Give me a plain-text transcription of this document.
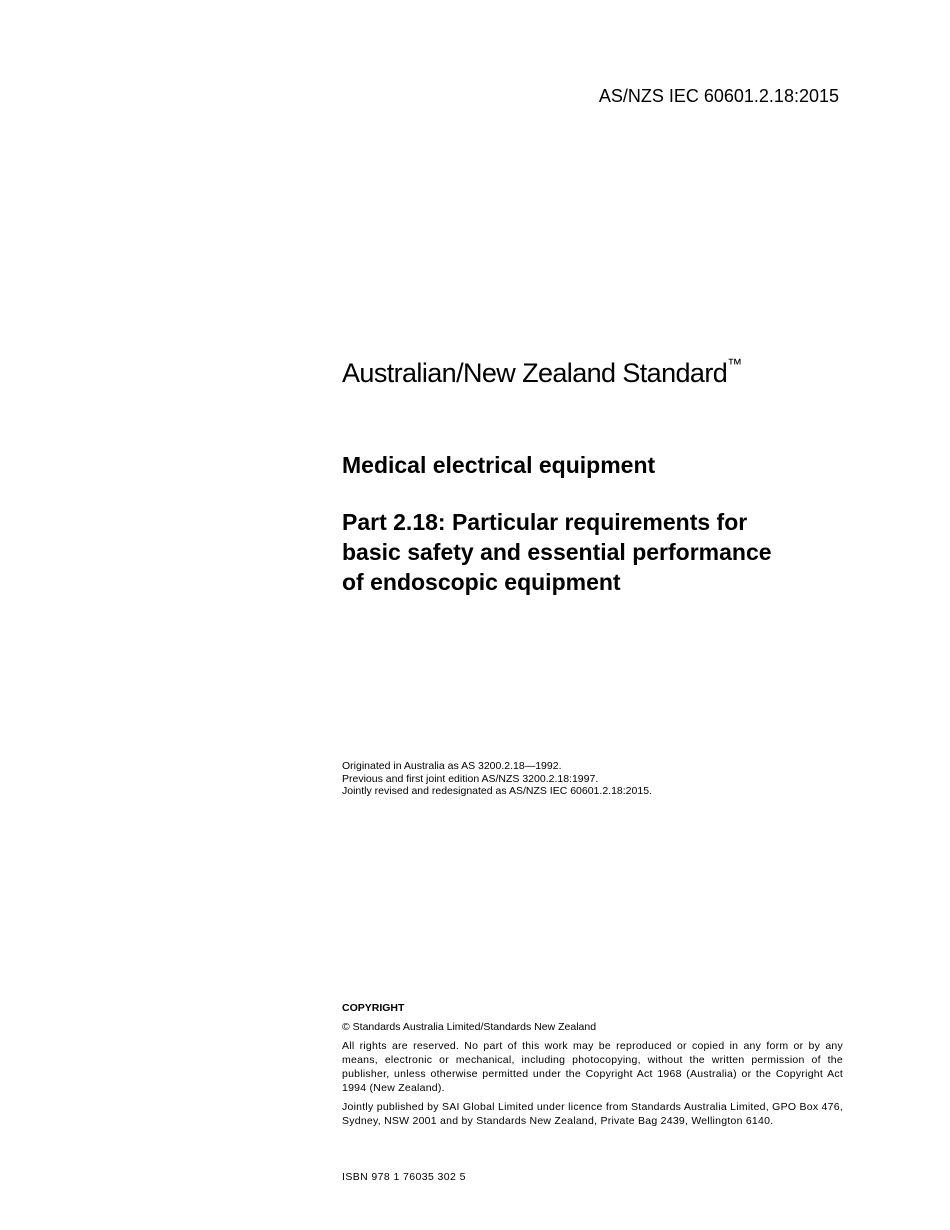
AS/NZS IEC 60601.2.18:2015
Australian/New Zealand Standard™
Medical electrical equipment

Part 2.18: Particular requirements for

basic safety and essential performance

of endoscopic equipment

Originated in Australia as AS 3200.2.18—1992.

Previous and first joint edition AS/NZS 3200.2.18:1997.

Jointly revised and redesignated as AS/NZS IEC 60601.2.18:2015.

COPYRIGHT

© Standards Australia Limited/Standards New Zealand

All rights are reserved. No part of this work may be reproduced or copied in any form or by any means, electronic or mechanical, including photocopying, without the written permission of the publisher, unless otherwise permitted under the Copyright Act 1968 (Australia) or the Copyright Act 1994 (New Zealand).

Jointly published by SAI Global Limited under licence from Standards Australia Limited, GPO Box 476, Sydney, NSW 2001 and by Standards New Zealand, Private Bag 2439, Wellington 6140.

ISBN 978 1 76035 302 5
